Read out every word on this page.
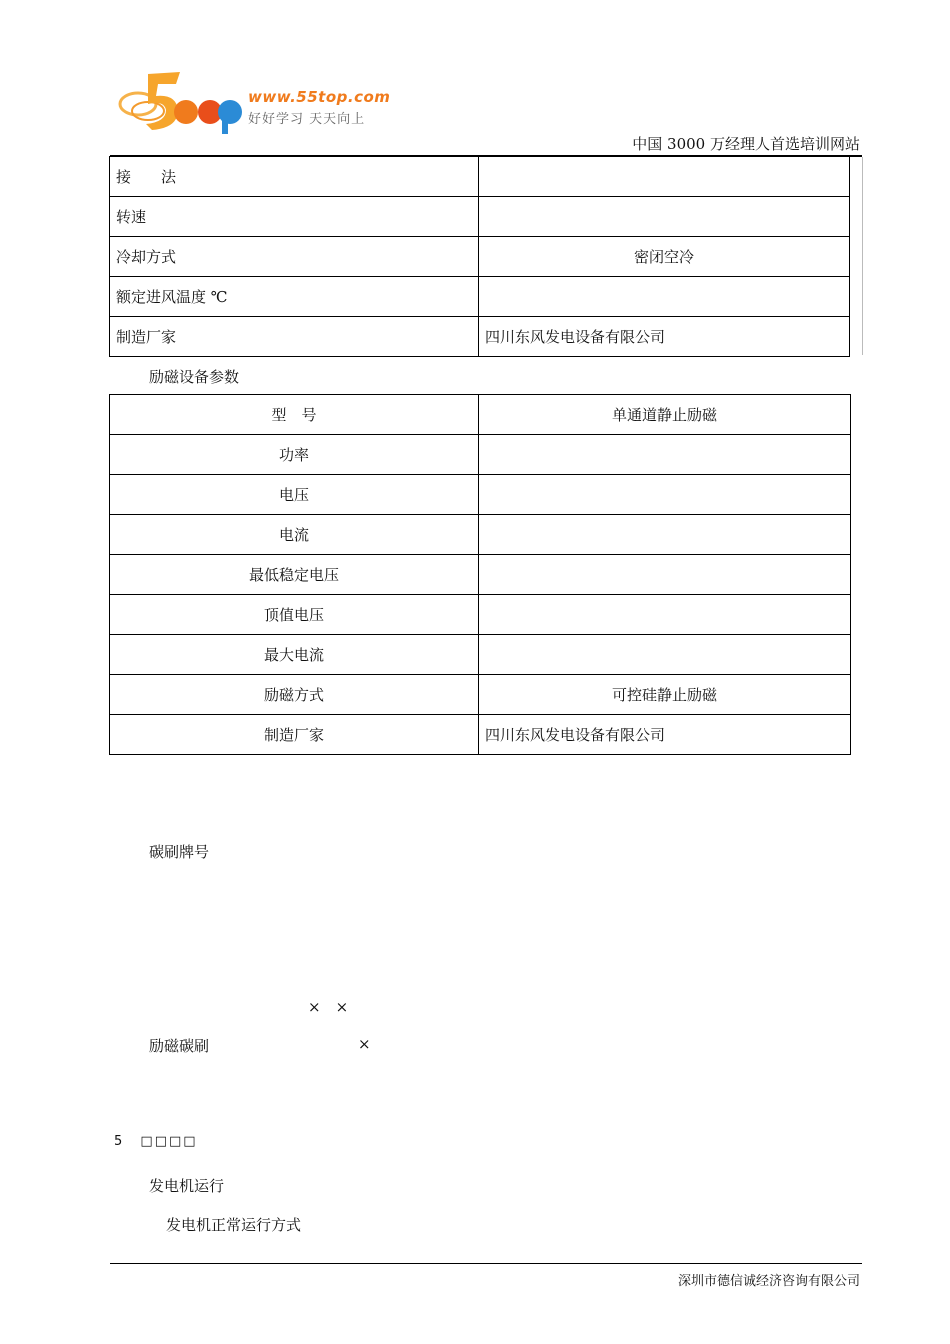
www.55top.com
好好学习 天天向上
中国 3000 万经理人首选培训网站
接　　法	
转速	
冷却方式	密闭空冷
额定进风温度 ℃	
制造厂家	四川东风发电设备有限公司
励磁设备参数
型　号	单通道静止励磁
功率	
电压	
电流	
最低稳定电压	
顶值电压	
最大电流	
励磁方式	可控硅静止励磁
制造厂家	四川东风发电设备有限公司
碳刷牌号
×　×
励磁碳刷	×
5 □□□□
发电机运行
发电机正常运行方式
深圳市德信诚经济咨询有限公司
